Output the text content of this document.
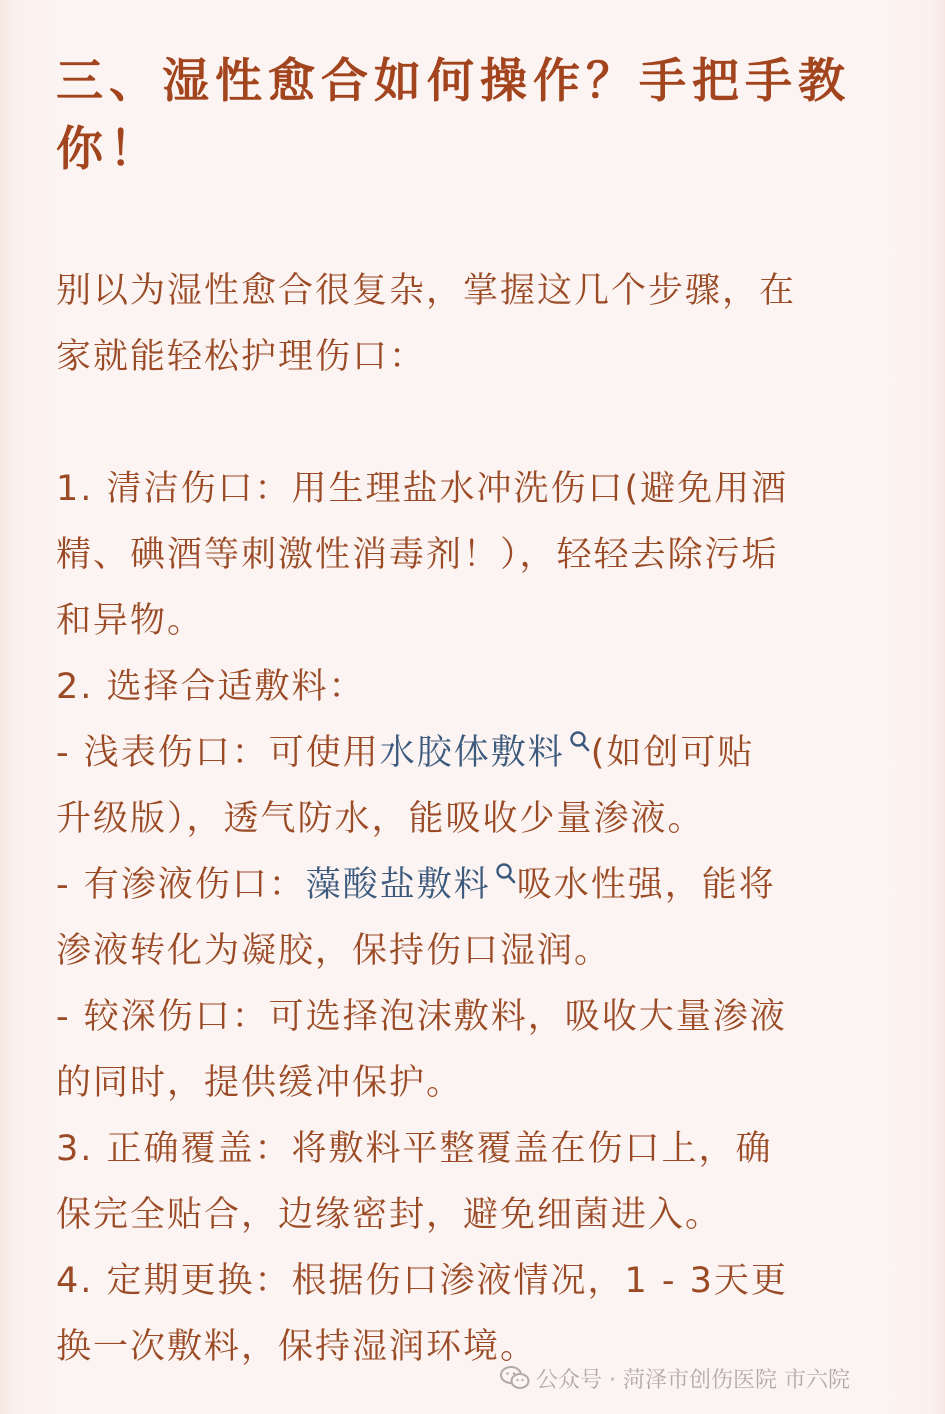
三、湿性愈合如何操作？手把手教你！
别以为湿性愈合很复杂，掌握这几个步骤，在
家就能轻松护理伤口：
1. 清洁伤口：用生理盐水冲洗伤口(避免用酒
精、碘酒等刺激性消毒剂！），轻轻去除污垢
和异物。
2. 选择合适敷料：
- 浅表伤口：可使用水胶体敷料 (如创可贴
升级版），透气防水，能吸收少量渗液。
- 有渗液伤口：藻酸盐敷料 吸水性强，能将
渗液转化为凝胶，保持伤口湿润。
- 较深伤口：可选择泡沫敷料，吸收大量渗液
的同时，提供缓冲保护。
3. 正确覆盖：将敷料平整覆盖在伤口上，确
保完全贴合，边缘密封，避免细菌进入。
4. 定期更换：根据伤口渗液情况，1 - 3天更
换一次敷料，保持湿润环境。
公众号 · 菏泽市创伤医院 市六院
